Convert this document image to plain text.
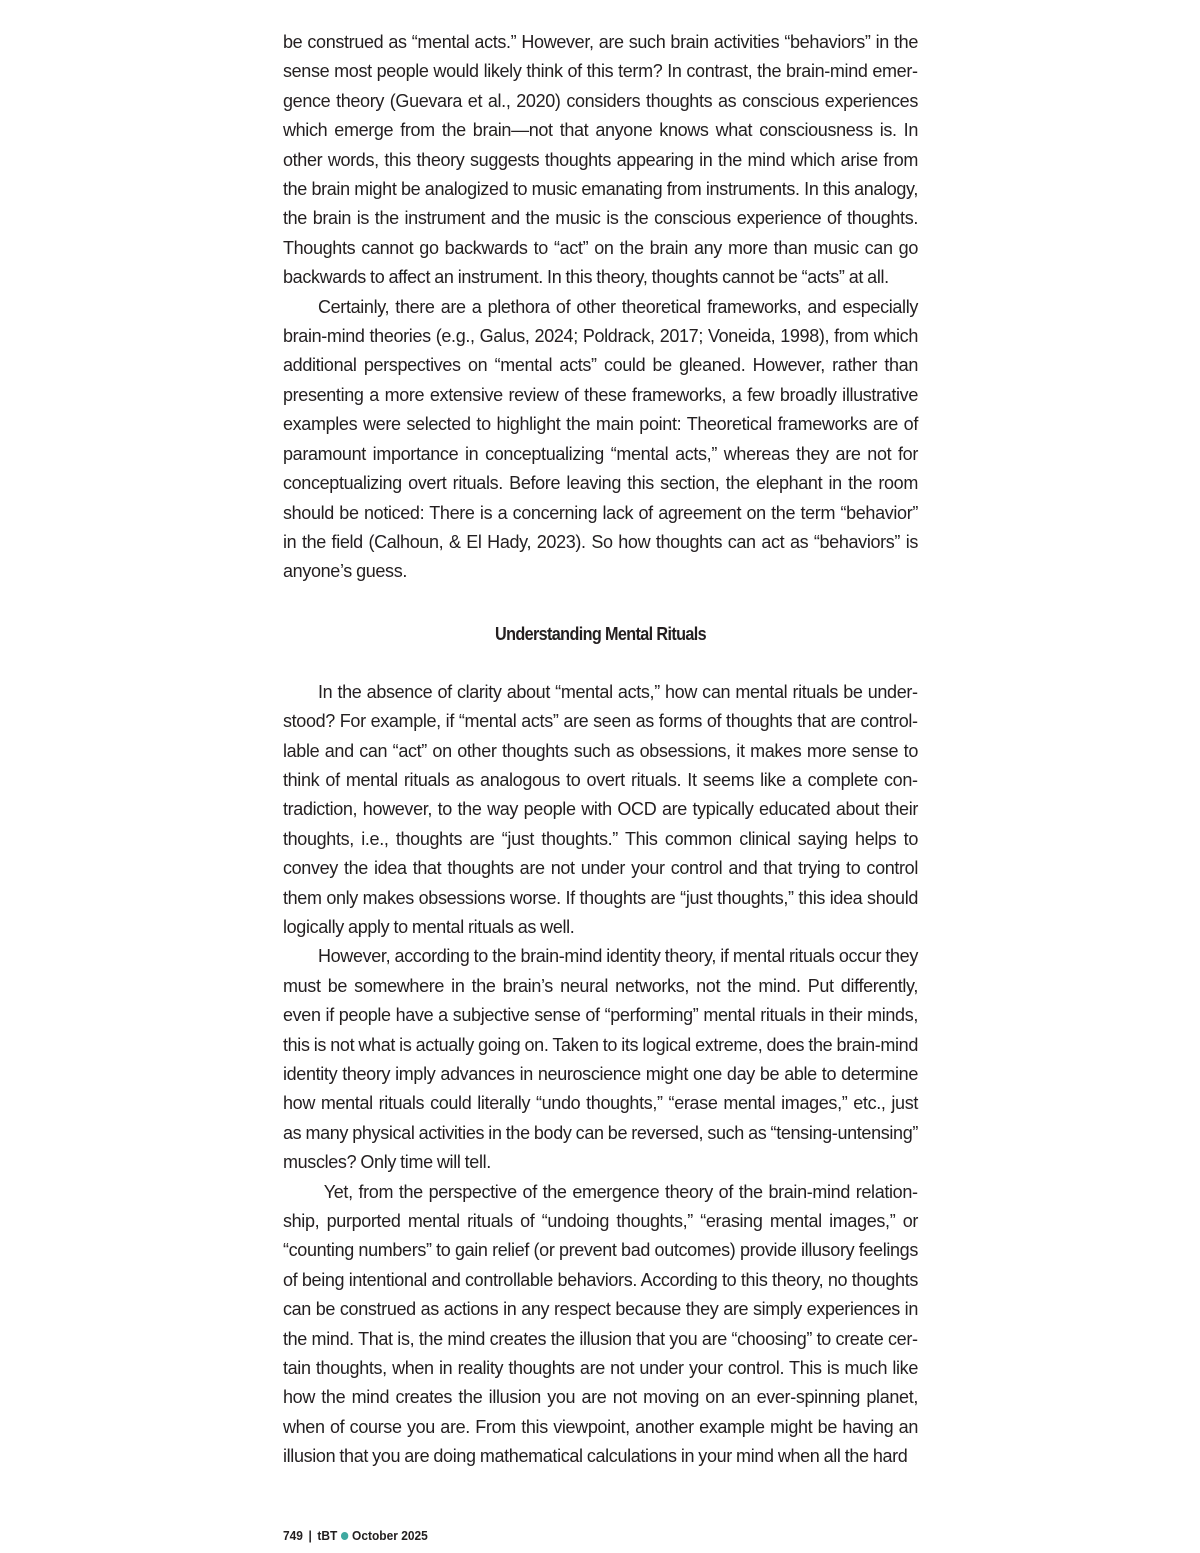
be construed as “mental acts.” However, are such brain activities “behaviors” in the sense most people would likely think of this term? In contrast, the brain-mind emergence theory (Guevara et al., 2020) considers thoughts as conscious experiences which emerge from the brain—not that anyone knows what consciousness is. In other words, this theory suggests thoughts appearing in the mind which arise from the brain might be analogized to music emanating from instruments. In this analogy, the brain is the instrument and the music is the conscious experience of thoughts. Thoughts cannot go backwards to “act” on the brain any more than music can go backwards to affect an instrument. In this theory, thoughts cannot be “acts” at all.

Certainly, there are a plethora of other theoretical frameworks, and especially brain-mind theories (e.g., Galus, 2024; Poldrack, 2017; Voneida, 1998), from which additional perspectives on “mental acts” could be gleaned. However, rather than presenting a more extensive review of these frameworks, a few broadly illustrative examples were selected to highlight the main point: Theoretical frameworks are of paramount importance in conceptualizing “mental acts,” whereas they are not for conceptualizing overt rituals. Before leaving this section, the elephant in the room should be noticed: There is a concerning lack of agreement on the term “behavior” in the field (Calhoun, & El Hady, 2023). So how thoughts can act as “behaviors” is anyone’s guess.

Understanding Mental Rituals

In the absence of clarity about “mental acts,” how can mental rituals be understood? For example, if “mental acts” are seen as forms of thoughts that are controllable and can “act” on other thoughts such as obsessions, it makes more sense to think of mental rituals as analogous to overt rituals. It seems like a complete contradiction, however, to the way people with OCD are typically educated about their thoughts, i.e., thoughts are “just thoughts.” This common clinical saying helps to convey the idea that thoughts are not under your control and that trying to control them only makes obsessions worse. If thoughts are “just thoughts,” this idea should logically apply to mental rituals as well.

However, according to the brain-mind identity theory, if mental rituals occur they must be somewhere in the brain’s neural networks, not the mind. Put differently, even if people have a subjective sense of “performing” mental rituals in their minds, this is not what is actually going on. Taken to its logical extreme, does the brain-mind identity theory imply advances in neuroscience might one day be able to determine how mental rituals could literally “undo thoughts,” “erase mental images,” etc., just as many physical activities in the body can be reversed, such as “tensing-untensing” muscles? Only time will tell.

Yet, from the perspective of the emergence theory of the brain-mind relationship, purported mental rituals of “undoing thoughts,” “erasing mental images,” or “counting numbers” to gain relief (or prevent bad outcomes) provide illusory feelings of being intentional and controllable behaviors. According to this theory, no thoughts can be construed as actions in any respect because they are simply experiences in the mind. That is, the mind creates the illusion that you are “choosing” to create certain thoughts, when in reality thoughts are not under your control. This is much like how the mind creates the illusion you are not moving on an ever-spinning planet, when of course you are. From this viewpoint, another example might be having an illusion that you are doing mathematical calculations in your mind when all the hard

749 | tBT October 2025
